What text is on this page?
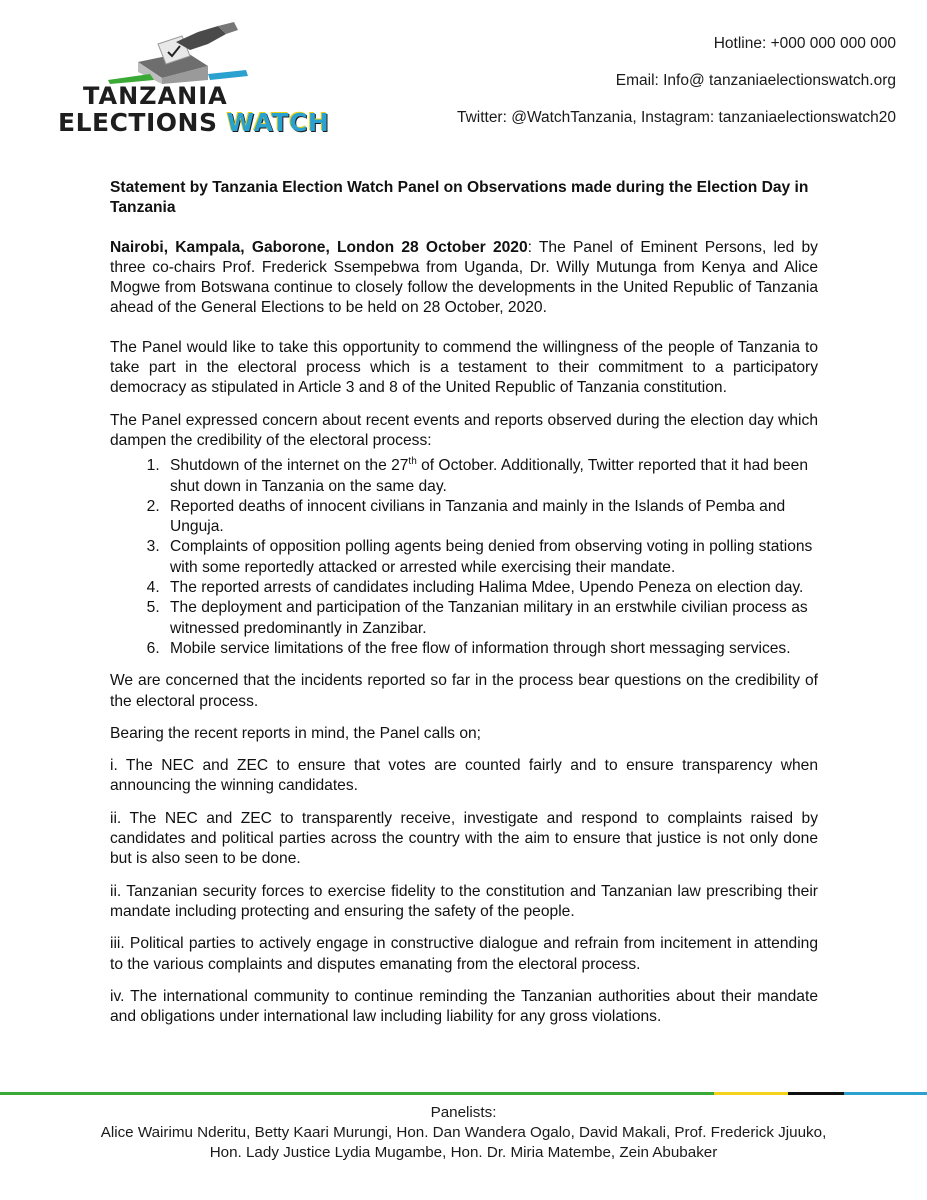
TANZANIA
ELECTIONS WATCH
Hotline: +000 000 000 000
Email: Info@ tanzaniaelectionswatch.org
Twitter: @WatchTanzania, Instagram: tanzaniaelectionswatch20

Statement by Tanzania Election Watch Panel on Observations made during the Election Day in Tanzania

Nairobi, Kampala, Gaborone, London 28 October 2020: The Panel of Eminent Persons, led by three co-chairs Prof. Frederick Ssempebwa from Uganda, Dr. Willy Mutunga from Kenya and Alice Mogwe from Botswana continue to closely follow the developments in the United Republic of Tanzania ahead of the General Elections to be held on 28 October, 2020.

The Panel would like to take this opportunity to commend the willingness of the people of Tanzania to take part in the electoral process which is a testament to their commitment to a participatory democracy as stipulated in Article 3 and 8 of the United Republic of Tanzania constitution.

The Panel expressed concern about recent events and reports observed during the election day which dampen the credibility of the electoral process:

1. Shutdown of the internet on the 27th of October. Additionally, Twitter reported that it had been shut down in Tanzania on the same day.
2. Reported deaths of innocent civilians in Tanzania and mainly in the Islands of Pemba and Unguja.
3. Complaints of opposition polling agents being denied from observing voting in polling stations with some reportedly attacked or arrested while exercising their mandate.
4. The reported arrests of candidates including Halima Mdee, Upendo Peneza on election day.
5. The deployment and participation of the Tanzanian military in an erstwhile civilian process as witnessed predominantly in Zanzibar.
6. Mobile service limitations of the free flow of information through short messaging services.

We are concerned that the incidents reported so far in the process bear questions on the credibility of the electoral process.

Bearing the recent reports in mind, the Panel calls on;

i. The NEC and ZEC to ensure that votes are counted fairly and to ensure transparency when announcing the winning candidates.

ii. The NEC and ZEC to transparently receive, investigate and respond to complaints raised by candidates and political parties across the country with the aim to ensure that justice is not only done but is also seen to be done.

ii. Tanzanian security forces to exercise fidelity to the constitution and Tanzanian law prescribing their mandate including protecting and ensuring the safety of the people.

iii. Political parties to actively engage in constructive dialogue and refrain from incitement in attending to the various complaints and disputes emanating from the electoral process.

iv. The international community to continue reminding the Tanzanian authorities about their mandate and obligations under international law including liability for any gross violations.

Panelists:
Alice Wairimu Nderitu, Betty Kaari Murungi, Hon. Dan Wandera Ogalo, David Makali, Prof. Frederick Jjuuko,
Hon. Lady Justice Lydia Mugambe, Hon. Dr. Miria Matembe, Zein Abubaker
